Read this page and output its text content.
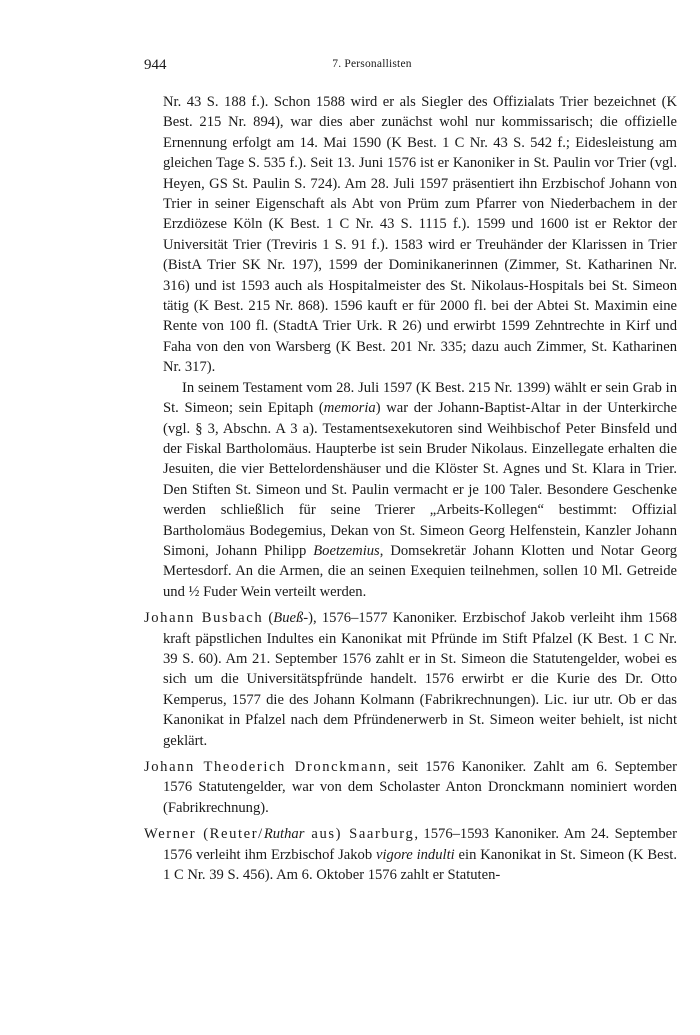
944	7. Personallisten

Nr. 43 S. 188 f.). Schon 1588 wird er als Siegler des Offizialats Trier bezeichnet (K Best. 215 Nr. 894), war dies aber zunächst wohl nur kommissarisch; die offizielle Ernennung erfolgt am 14. Mai 1590 (K Best. 1 C Nr. 43 S. 542 f.; Eidesleistung am gleichen Tage S. 535 f.). Seit 13. Juni 1576 ist er Kanoniker in St. Paulin vor Trier (vgl. Heyen, GS St. Paulin S. 724). Am 28. Juli 1597 präsentiert ihn Erzbischof Johann von Trier in seiner Eigenschaft als Abt von Prüm zum Pfarrer von Niederbachem in der Erzdiözese Köln (K Best. 1 C Nr. 43 S. 1115 f.). 1599 und 1600 ist er Rektor der Universität Trier (Treviris 1 S. 91 f.). 1583 wird er Treuhänder der Klarissen in Trier (BistA Trier SK Nr. 197), 1599 der Dominikanerinnen (Zimmer, St. Katharinen Nr. 316) und ist 1593 auch als Hospitalmeister des St. Nikolaus-Hospitals bei St. Simeon tätig (K Best. 215 Nr. 868). 1596 kauft er für 2000 fl. bei der Abtei St. Maximin eine Rente von 100 fl. (StadtA Trier Urk. R 26) und erwirbt 1599 Zehntrechte in Kirf und Faha von den von Warsberg (K Best. 201 Nr. 335; dazu auch Zimmer, St. Katharinen Nr. 317).

In seinem Testament vom 28. Juli 1597 (K Best. 215 Nr. 1399) wählt er sein Grab in St. Simeon; sein Epitaph (memoria) war der Johann-Baptist-Altar in der Unterkirche (vgl. § 3, Abschn. A 3 a). Testamentsexekutoren sind Weihbischof Peter Binsfeld und der Fiskal Bartholomäus. Haupterbe ist sein Bruder Nikolaus. Einzellegate erhalten die Jesuiten, die vier Bettelordenshäuser und die Klöster St. Agnes und St. Klara in Trier. Den Stiften St. Simeon und St. Paulin vermacht er je 100 Taler. Besondere Geschenke werden schließlich für seine Trierer „Arbeits-Kollegen“ bestimmt: Offizial Bartholomäus Bodegemius, Dekan von St. Simeon Georg Helfenstein, Kanzler Johann Simoni, Johann Philipp Boetzemius, Domsekretär Johann Klotten und Notar Georg Mertesdorf. An die Armen, die an seinen Exequien teilnehmen, sollen 10 Ml. Getreide und ½ Fuder Wein verteilt werden.

Johann Busbach (Bueß-), 1576–1577 Kanoniker. Erzbischof Jakob verleiht ihm 1568 kraft päpstlichen Indultes ein Kanonikat mit Pfründe im Stift Pfalzel (K Best. 1 C Nr. 39 S. 60). Am 21. September 1576 zahlt er in St. Simeon die Statutengelder, wobei es sich um die Universitätspfründe handelt. 1576 erwirbt er die Kurie des Dr. Otto Kemperus, 1577 die des Johann Kolmann (Fabrikrechnungen). Lic. iur utr. Ob er das Kanonikat in Pfalzel nach dem Pfründenerwerb in St. Simeon weiter behielt, ist nicht geklärt.

Johann Theoderich Dronckmann, seit 1576 Kanoniker. Zahlt am 6. September 1576 Statutengelder, war von dem Scholaster Anton Dronckmann nominiert worden (Fabrikrechnung).

Werner (Reuter/Ruthar aus) Saarburg, 1576–1593 Kanoniker. Am 24. September 1576 verleiht ihm Erzbischof Jakob vigore indulti ein Kanonikat in St. Simeon (K Best. 1 C Nr. 39 S. 456). Am 6. Oktober 1576 zahlt er Statuten-
